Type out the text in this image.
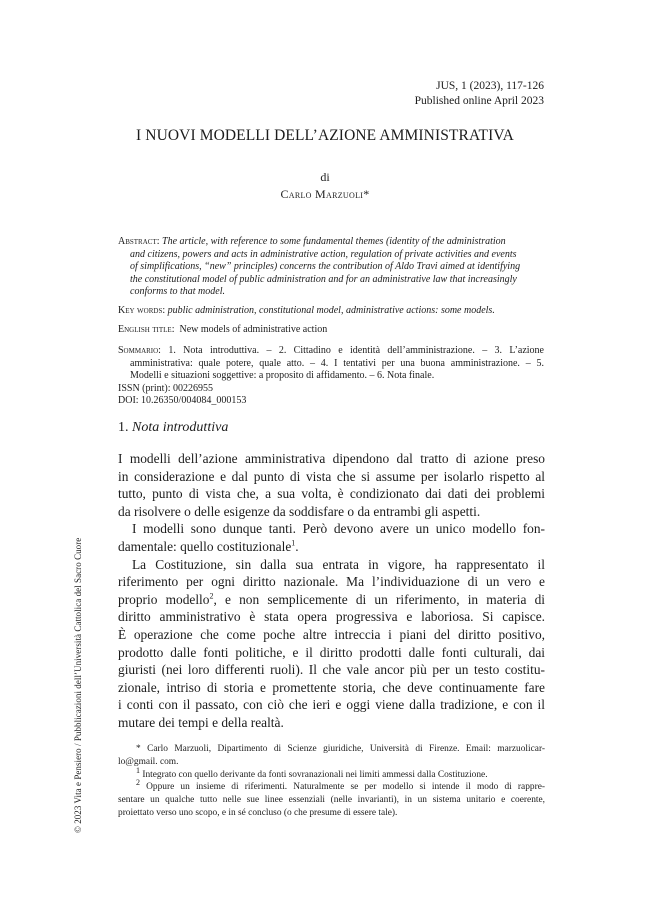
JUS, 1 (2023), 117-126
Published online April 2023
I NUOVI MODELLI DELL’AZIONE AMMINISTRATIVA
di
Carlo Marzuoli*
Abstract: The article, with reference to some fundamental themes (identity of the administration
and citizens, powers and acts in administrative action, regulation of private activities and events
of simplifications, “new” principles) concerns the contribution of Aldo Travi aimed at identifying
the constitutional model of public administration and for an administrative law that increasingly
conforms to that model.
Key words: public administration, constitutional model, administrative actions: some models.
English title: New models of administrative action
Sommario: 1. Nota introduttiva. – 2. Cittadino e identità dell’amministrazione. – 3. L’azione
amministrativa: quale potere, quale atto. – 4. I tentativi per una buona amministrazione. – 5.
Modelli e situazioni soggettive: a proposito di affidamento. – 6. Nota finale.
ISSN (print): 00226955
DOI: 10.26350/004084_000153
1. Nota introduttiva
I modelli dell’azione amministrativa dipendono dal tratto di azione preso
in considerazione e dal punto di vista che si assume per isolarlo rispetto al
tutto, punto di vista che, a sua volta, è condizionato dai dati dei problemi
da risolvere o delle esigenze da soddisfare o da entrambi gli aspetti.
I modelli sono dunque tanti. Però devono avere un unico modello fon-
damentale: quello costituzionale$^1$.
La Costituzione, sin dalla sua entrata in vigore, ha rappresentato il
riferimento per ogni diritto nazionale. Ma l’individuazione di un vero e
proprio modello$^2$, e non semplicemente di un riferimento, in materia di
diritto amministrativo è stata opera progressiva e laboriosa. Si capisce.
È operazione che come poche altre intreccia i piani del diritto positivo,
prodotto dalle fonti politiche, e il diritto prodotti dalle fonti culturali, dai
giuristi (nei loro differenti ruoli). Il che vale ancor più per un testo costitu-
zionale, intriso di storia e promettente storia, che deve continuamente fare
i conti con il passato, con ciò che ieri e oggi viene dalla tradizione, e con il
mutare dei tempi e della realtà.
* Carlo Marzuoli, Dipartimento di Scienze giuridiche, Università di Firenze. Email: marzuolicar-
lo@gmail. com.
$^1$ Integrato con quello derivante da fonti sovranazionali nei limiti ammessi dalla Costituzione.
$^2$ Oppure un insieme di riferimenti. Naturalmente se per modello si intende il modo di rappre-
sentare un qualche tutto nelle sue linee essenziali (nelle invarianti), in un sistema unitario e coerente,
proiettato verso uno scopo, e in sé concluso (o che presume di essere tale).
© 2023 Vita e Pensiero / Pubblicazioni dell’Università Cattolica del Sacro Cuore
